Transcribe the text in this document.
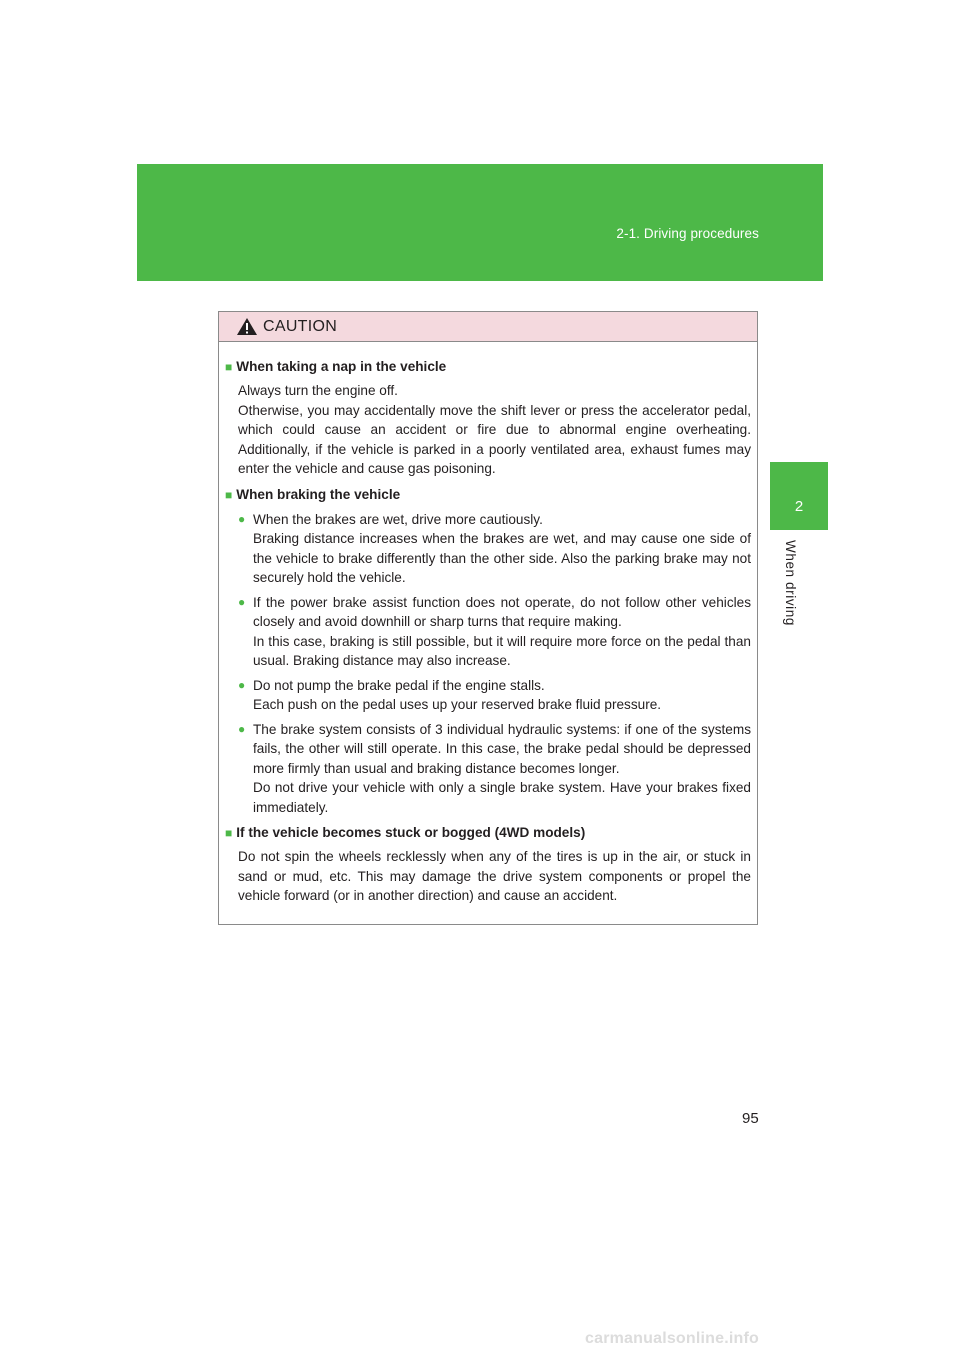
2-1. Driving procedures
2
When driving
CAUTION
■ When taking a nap in the vehicle
Always turn the engine off.
Otherwise, you may accidentally move the shift lever or press the accelerator pedal, which could cause an accident or fire due to abnormal engine overheating. Additionally, if the vehicle is parked in a poorly ventilated area, exhaust fumes may enter the vehicle and cause gas poisoning.
■ When braking the vehicle
● When the brakes are wet, drive more cautiously.
Braking distance increases when the brakes are wet, and may cause one side of the vehicle to brake differently than the other side. Also the parking brake may not securely hold the vehicle.
● If the power brake assist function does not operate, do not follow other vehicles closely and avoid downhill or sharp turns that require making.
In this case, braking is still possible, but it will require more force on the pedal than usual. Braking distance may also increase.
● Do not pump the brake pedal if the engine stalls.
Each push on the pedal uses up your reserved brake fluid pressure.
● The brake system consists of 3 individual hydraulic systems: if one of the systems fails, the other will still operate. In this case, the brake pedal should be depressed more firmly than usual and braking distance becomes longer.
Do not drive your vehicle with only a single brake system. Have your brakes fixed immediately.
■ If the vehicle becomes stuck or bogged (4WD models)
Do not spin the wheels recklessly when any of the tires is up in the air, or stuck in sand or mud, etc. This may damage the drive system components or propel the vehicle forward (or in another direction) and cause an accident.
95
carmanualsonline.info
